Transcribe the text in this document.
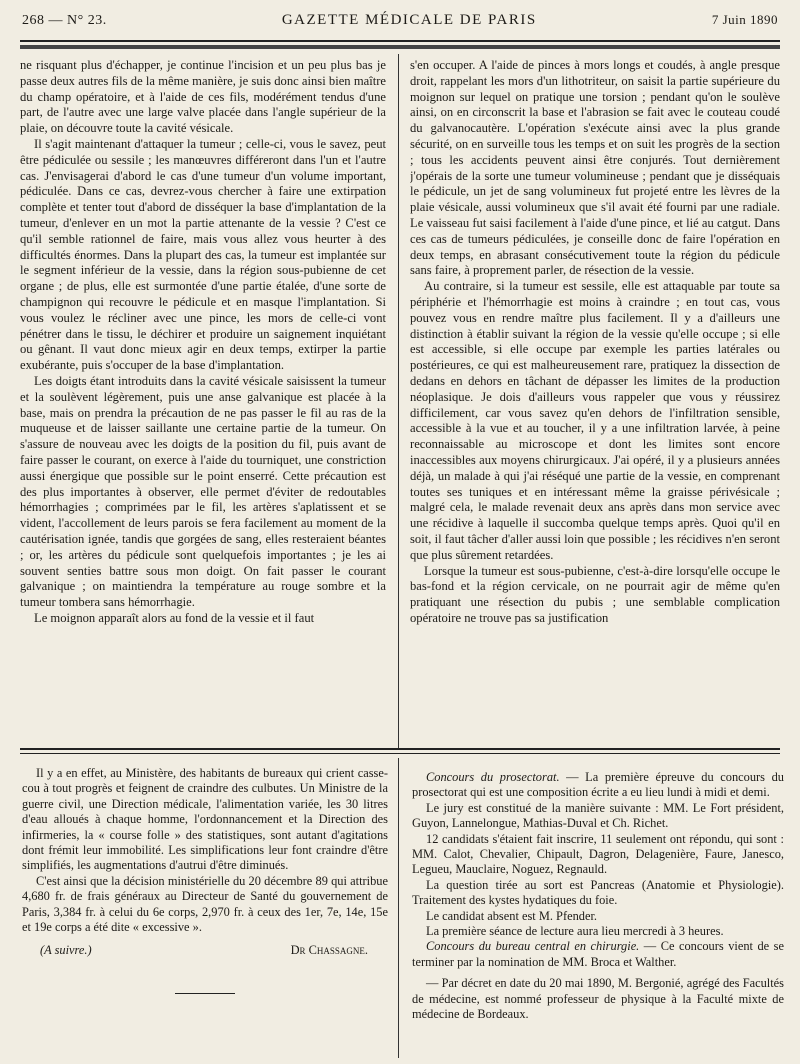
268 — N° 23.	GAZETTE MÉDICALE DE PARIS	7 Juin 1890

ne risquant plus d'échapper, je continue l'incision et un peu plus bas je passe deux autres fils de la même manière, je suis donc ainsi bien maître du champ opératoire, et à l'aide de ces fils, modérément tendus d'une part, de l'autre avec une large valve placée dans l'angle supérieur de la plaie, on découvre toute la cavité vésicale.

Il s'agit maintenant d'attaquer la tumeur ; celle-ci, vous le savez, peut être pédiculée ou sessile ; les manœuvres différeront dans l'un et l'autre cas. J'envisagerai d'abord le cas d'une tumeur d'un volume important, pédiculée. Dans ce cas, devrez-vous chercher à faire une extirpation complète et tenter tout d'abord de disséquer la base d'implantation de la tumeur, d'enlever en un mot la partie attenante de la vessie ? C'est ce qu'il semble rationnel de faire, mais vous allez vous heurter à des difficultés énormes. Dans la plupart des cas, la tumeur est implantée sur le segment inférieur de la vessie, dans la région sous-pubienne de cet organe ; de plus, elle est surmontée d'une partie étalée, d'une sorte de champignon qui recouvre le pédicule et en masque l'implantation. Si vous voulez le récliner avec une pince, les mors de celle-ci vont pénétrer dans le tissu, le déchirer et produire un saignement inquiétant ou gênant. Il vaut donc mieux agir en deux temps, extirper la partie exubérante, puis s'occuper de la base d'implantation.

Les doigts étant introduits dans la cavité vésicale saisissent la tumeur et la soulèvent légèrement, puis une anse galvanique est placée à la base, mais on prendra la précaution de ne pas passer le fil au ras de la muqueuse et de laisser saillante une certaine partie de la tumeur. On s'assure de nouveau avec les doigts de la position du fil, puis avant de faire passer le courant, on exerce à l'aide du tourniquet, une constriction aussi énergique que possible sur le point enserré. Cette précaution est des plus importantes à observer, elle permet d'éviter de redoutables hémorrhagies ; comprimées par le fil, les artères s'aplatissent et se vident, l'accollement de leurs parois se fera facilement au moment de la cautérisation ignée, tandis que gorgées de sang, elles resteraient béantes ; or, les artères du pédicule sont quelquefois importantes ; je les ai souvent senties battre sous mon doigt. On fait passer le courant galvanique ; on maintiendra la température au rouge sombre et la tumeur tombera sans hémorrhagie.

Le moignon apparaît alors au fond de la vessie et il faut

s'en occuper. A l'aide de pinces à mors longs et coudés, à angle presque droit, rappelant les mors d'un lithotriteur, on saisit la partie supérieure du moignon sur lequel on pratique une torsion ; pendant qu'on le soulève ainsi, on en circonscrit la base et l'abrasion se fait avec le couteau coudé du galvanocautère. L'opération s'exécute ainsi avec la plus grande sécurité, on en surveille tous les temps et on suit les progrès de la section ; tous les accidents peuvent ainsi être conjurés. Tout dernièrement j'opérais de la sorte une tumeur volumineuse ; pendant que je disséquais le pédicule, un jet de sang volumineux fut projeté entre les lèvres de la plaie vésicale, aussi volumineux que s'il avait été fourni par une radiale. Le vaisseau fut saisi facilement à l'aide d'une pince, et lié au catgut. Dans ces cas de tumeurs pédiculées, je conseille donc de faire l'opération en deux temps, en abrasant consécutivement toute la région du pédicule sans faire, à proprement parler, de résection de la vessie.

Au contraire, si la tumeur est sessile, elle est attaquable par toute sa périphérie et l'hémorrhagie est moins à craindre ; en tout cas, vous pouvez vous en rendre maître plus facilement. Il y a d'ailleurs une distinction à établir suivant la région de la vessie qu'elle occupe ; si elle est accessible, si elle occupe par exemple les parties latérales ou postérieures, ce qui est malheureusement rare, pratiquez la dissection de dedans en dehors en tâchant de dépasser les limites de la production néoplasique. Je dois d'ailleurs vous rappeler que vous y réussirez difficilement, car vous savez qu'en dehors de l'infiltration sensible, accessible à la vue et au toucher, il y a une infiltration larvée, à peine reconnaissable au microscope et dont les limites sont encore inaccessibles aux moyens chirurgicaux. J'ai opéré, il y a plusieurs années déjà, un malade à qui j'ai réséqué une partie de la vessie, en comprenant toutes ses tuniques et en intéressant même la graisse périvésicale ; malgré cela, le malade revenait deux ans après dans mon service avec une récidive à laquelle il succomba quelque temps après. Quoi qu'il en soit, il faut tâcher d'aller aussi loin que possible ; les récidives n'en seront que plus sûrement retardées.

Lorsque la tumeur est sous-pubienne, c'est-à-dire lorsqu'elle occupe le bas-fond et la région cervicale, on ne pourrait agir de même qu'en pratiquant une résection du pubis ; une semblable complication opératoire ne trouve pas sa justification

Il y a en effet, au Ministère, des habitants de bureaux qui crient casse-cou à tout progrès et feignent de craindre des culbutes. Un Ministre de la guerre civil, une Direction médicale, l'alimentation variée, les 30 litres d'eau alloués à chaque homme, l'ordonnancement et la Direction des infirmeries, la « course folle » des statistiques, sont autant d'agitations dont frémit leur immobilité. Les simplifications leur font craindre d'être simplifiés, les augmentations d'autrui d'être diminués.

C'est ainsi que la décision ministérielle du 20 décembre 89 qui attribue 4,680 fr. de frais généraux au Directeur de Santé du gouvernement de Paris, 3,384 fr. à celui du 6e corps, 2,970 fr. à ceux des 1er, 7e, 14e, 15e et 19e corps a été dite « excessive ».

(A suivre.)	Dr Chassagne.

Concours du prosectorat. — La première épreuve du concours du prosectorat qui est une composition écrite a eu lieu lundi à midi et demi.

Le jury est constitué de la manière suivante : MM. Le Fort président, Guyon, Lannelongue, Mathias-Duval et Ch. Richet.

12 candidats s'étaient fait inscrire, 11 seulement ont répondu, qui sont : MM. Calot, Chevalier, Chipault, Dagron, Delagenière, Faure, Janesco, Legueu, Mauclaire, Noguez, Regnauld.

La question tirée au sort est Pancreas (Anatomie et Physiologie). Traitement des kystes hydatiques du foie.

Le candidat absent est M. Pfender.

La première séance de lecture aura lieu mercredi à 3 heures.

Concours du bureau central en chirurgie. — Ce concours vient de se terminer par la nomination de MM. Broca et Walther.

— Par décret en date du 20 mai 1890, M. Bergonié, agrégé des Facultés de médecine, est nommé professeur de physique à la Faculté mixte de médecine de Bordeaux.
